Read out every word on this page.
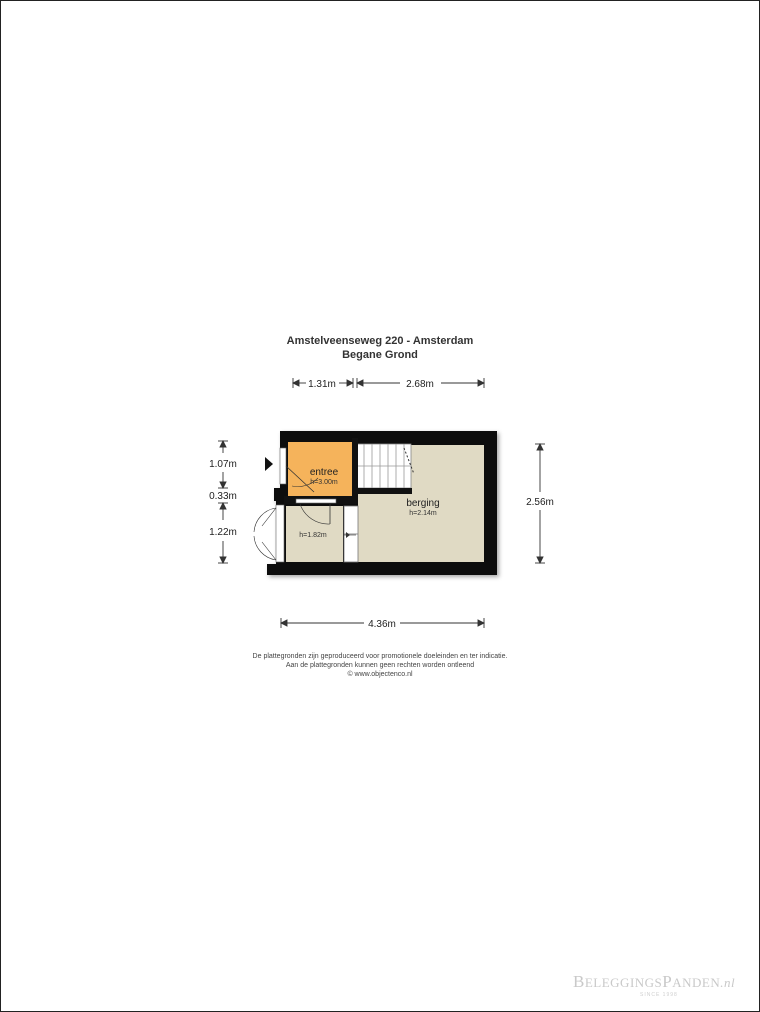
Amstelveenseweg 220 - Amsterdam
Begane Grond
entree
h=3.00m
berging
h=2.14m
h=1.82m
1.31m	2.68m
1.07m
0.33m
1.22m
2.56m
4.36m
De plattegronden zijn geproduceerd voor promotionele doeleinden en ter indicatie.
Aan de plattegronden kunnen geen rechten worden ontleend
© www.objectenco.nl
BELEGGINGSPANDEN.nl
SINCE 1998
